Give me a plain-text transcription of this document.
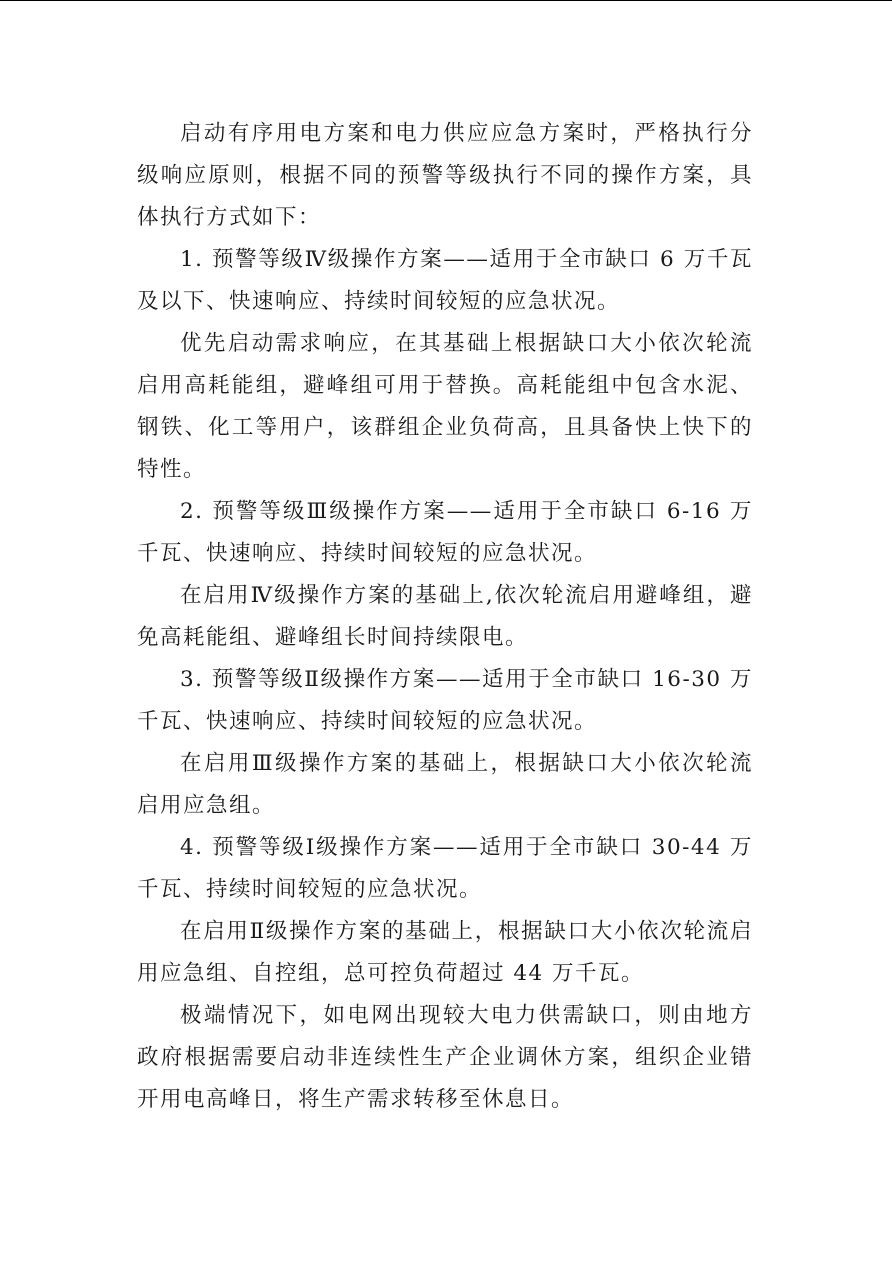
启动有序用电方案和电力供应应急方案时，严格执行分级响应原则，根据不同的预警等级执行不同的操作方案，具体执行方式如下：

1. 预警等级Ⅳ级操作方案——适用于全市缺口 6 万千瓦及以下、快速响应、持续时间较短的应急状况。

优先启动需求响应，在其基础上根据缺口大小依次轮流启用高耗能组，避峰组可用于替换。高耗能组中包含水泥、钢铁、化工等用户，该群组企业负荷高，且具备快上快下的特性。

2. 预警等级Ⅲ级操作方案——适用于全市缺口 6-16 万千瓦、快速响应、持续时间较短的应急状况。

在启用Ⅳ级操作方案的基础上,依次轮流启用避峰组，避免高耗能组、避峰组长时间持续限电。

3. 预警等级Ⅱ级操作方案——适用于全市缺口 16-30 万千瓦、快速响应、持续时间较短的应急状况。

在启用Ⅲ级操作方案的基础上，根据缺口大小依次轮流启用应急组。

4. 预警等级Ⅰ级操作方案——适用于全市缺口 30-44 万千瓦、持续时间较短的应急状况。

在启用Ⅱ级操作方案的基础上，根据缺口大小依次轮流启用应急组、自控组，总可控负荷超过 44 万千瓦。

极端情况下，如电网出现较大电力供需缺口，则由地方政府根据需要启动非连续性生产企业调休方案，组织企业错开用电高峰日，将生产需求转移至休息日。
